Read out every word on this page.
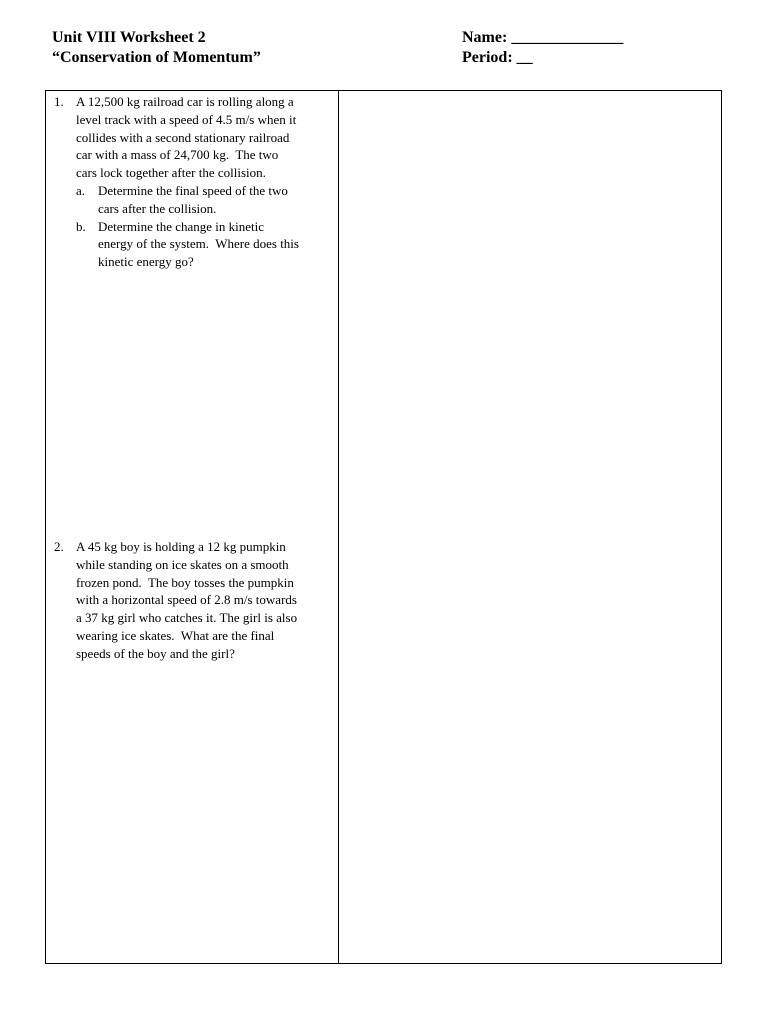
Unit VIII Worksheet 2
“Conservation of Momentum”
Name: ______________
Period: __
1. A 12,500 kg railroad car is rolling along a
level track with a speed of 4.5 m/s when it
collides with a second stationary railroad
car with a mass of 24,700 kg.  The two
cars lock together after the collision.
a. Determine the final speed of the two
cars after the collision.
b. Determine the change in kinetic
energy of the system.  Where does this
kinetic energy go?
2. A 45 kg boy is holding a 12 kg pumpkin
while standing on ice skates on a smooth
frozen pond.  The boy tosses the pumpkin
with a horizontal speed of 2.8 m/s towards
a 37 kg girl who catches it. The girl is also
wearing ice skates.  What are the final
speeds of the boy and the girl?
